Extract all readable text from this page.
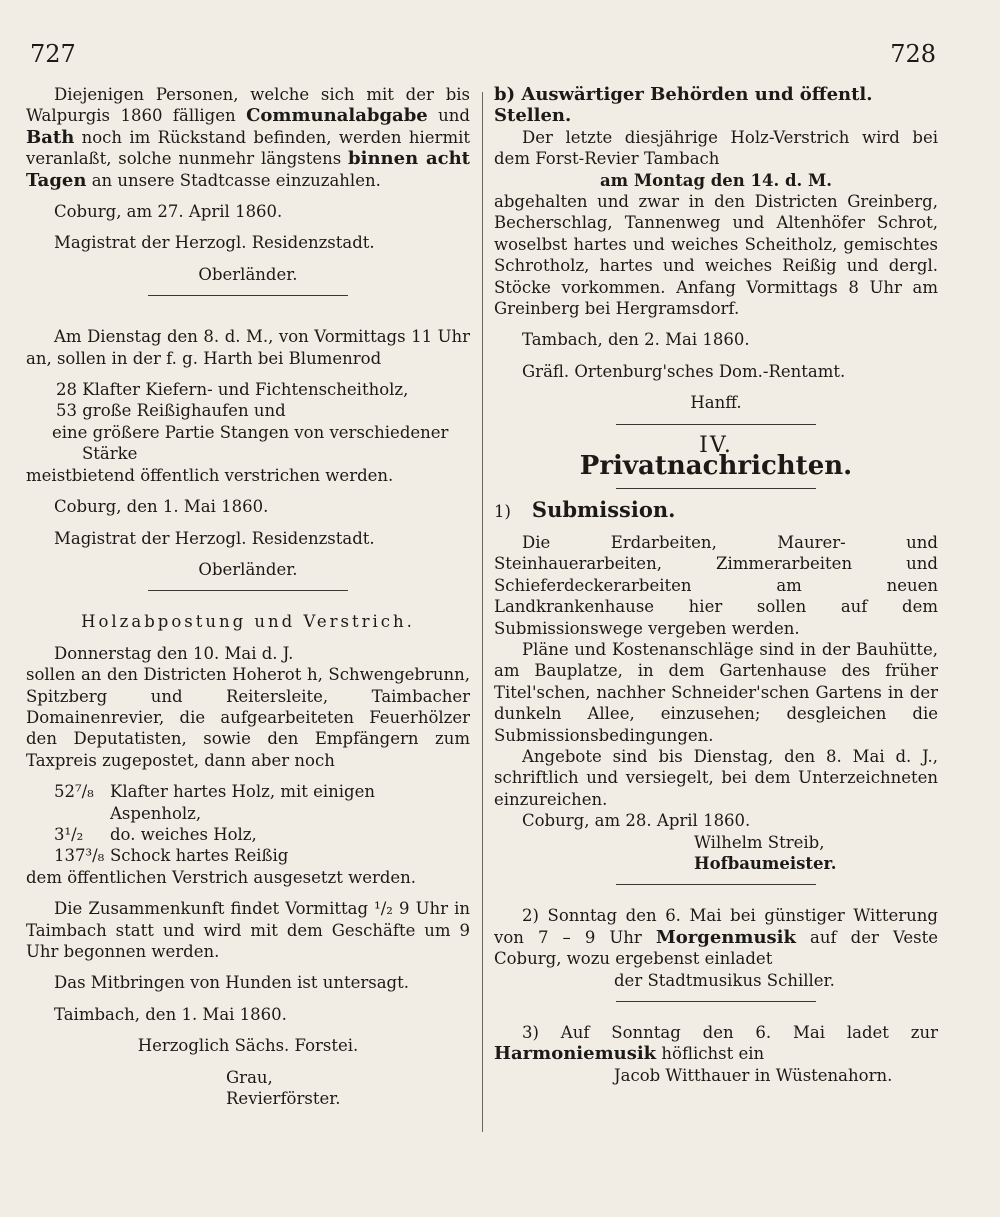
727	728

Diejenigen Personen, welche sich mit der bis Walpurgis 1860 fälligen Communalabgabe und Bath noch im Rückstand befinden, werden hiermit veranlaßt, solche nunmehr längstens binnen acht Tagen an unsere Stadtcasse einzuzahlen.

Coburg, am 27. April 1860.

Magistrat der Herzogl. Residenzstadt.

Oberländer.

Am Dienstag den 8. d. M., von Vormittags 11 Uhr an, sollen in der f. g. Harth bei Blumenrod

28 Klafter Kiefern- und Fichtenscheitholz,

53 große Reißighaufen und

eine größere Partie Stangen von verschiedener Stärke

meistbietend öffentlich verstrichen werden.

Coburg, den 1. Mai 1860.

Magistrat der Herzogl. Residenzstadt.

Oberländer.

Holzabpostung und Verstrich.

Donnerstag den 10. Mai d. J.

sollen an den Districten Hoherot h, Schwengebrunn, Spitzberg und Reitersleite, Taimbacher Domainenrevier, die aufgearbeiteten Feuerhölzer den Deputatisten, sowie den Empfängern zum Taxpreis zugepostet, dann aber noch

52⁷/₈ Klafter hartes Holz, mit einigen Aspenholz,
3¹/₂	do. weiches Holz,
137³/₈ Schock hartes Reißig

dem öffentlichen Verstrich ausgesetzt werden.

Die Zusammenkunft findet Vormittag ¹/₂ 9 Uhr in Taimbach statt und wird mit dem Geschäfte um 9 Uhr begonnen werden.

Das Mitbringen von Hunden ist untersagt.

Taimbach, den 1. Mai 1860.

Herzoglich Sächs. Forstei.

Grau,

Revierförster.

b) Auswärtiger Behörden und öffentl. Stellen.

Der letzte diesjährige Holz-Verstrich wird bei dem Forst-Revier Tambach

am Montag den 14. d. M.

abgehalten und zwar in den Districten Greinberg, Becherschlag, Tannenweg und Altenhöfer Schrot, woselbst hartes und weiches Scheitholz, gemischtes Schrotholz, hartes und weiches Reißig und dergl. Stöcke vorkommen. Anfang Vormittags 8 Uhr am Greinberg bei Hergramsdorf.

Tambach, den 2. Mai 1860.

Gräfl. Ortenburg'sches Dom.-Rentamt.

Hanff.

IV.

Privatnachrichten.

1) Submission.

Die Erdarbeiten, Maurer- und Steinhauerarbeiten, Zimmerarbeiten und Schieferdeckerarbeiten am neuen Landkrankenhause hier sollen auf dem Submissionswege vergeben werden.

Pläne und Kostenanschläge sind in der Bauhütte, am Bauplatze, in dem Gartenhause des früher Titel'schen, nachher Schneider'schen Gartens in der dunkeln Allee, einzusehen; desgleichen die Submissionsbedingungen.

Angebote sind bis Dienstag, den 8. Mai d. J., schriftlich und versiegelt, bei dem Unterzeichneten einzureichen.

Coburg, am 28. April 1860.

Wilhelm Streib,

Hofbaumeister.

2) Sonntag den 6. Mai bei günstiger Witterung von 7 – 9 Uhr Morgenmusik auf der Veste Coburg, wozu ergebenst einladet

der Stadtmusikus Schiller.

3) Auf Sonntag den 6. Mai ladet zur Harmoniemusik höflichst ein

Jacob Witthauer in Wüstenahorn.
